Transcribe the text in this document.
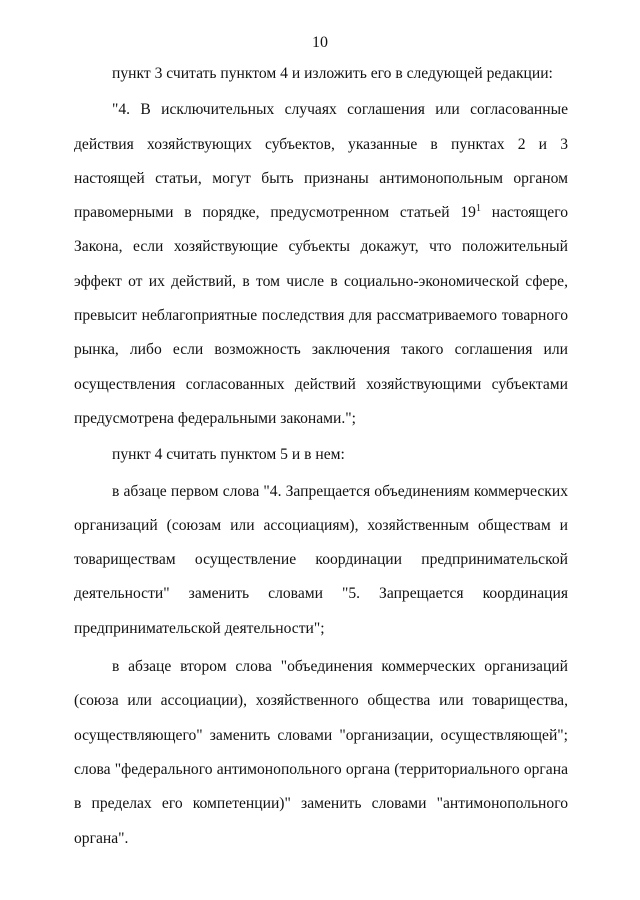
10

пункт 3 считать пунктом 4 и изложить его в следующей редакции:

"4. В исключительных случаях соглашения или согласованные действия хозяйствующих субъектов, указанные в пунктах 2 и 3 настоящей статьи, могут быть признаны антимонопольным органом правомерными в порядке, предусмотренном статьей $19^1$ настоящего Закона, если хозяйствующие субъекты докажут, что положительный эффект от их действий, в том числе в социально-экономической сфере, превысит неблагоприятные последствия для рассматриваемого товарного рынка, либо если возможность заключения такого соглашения или осуществления согласованных действий хозяйствующими субъектами предусмотрена федеральными законами.";

пункт 4 считать пунктом 5 и в нем:

в абзаце первом слова "4. Запрещается объединениям коммерческих организаций (союзам или ассоциациям), хозяйственным обществам и товариществам осуществление координации предпринимательской деятельности" заменить словами "5. Запрещается координация предпринимательской деятельности";

в абзаце втором слова "объединения коммерческих организаций (союза или ассоциации), хозяйственного общества или товарищества, осуществляющего" заменить словами "организации, осуществляющей"; слова "федерального антимонопольного органа (территориального органа в пределах его компетенции)" заменить словами "антимонопольного органа".
